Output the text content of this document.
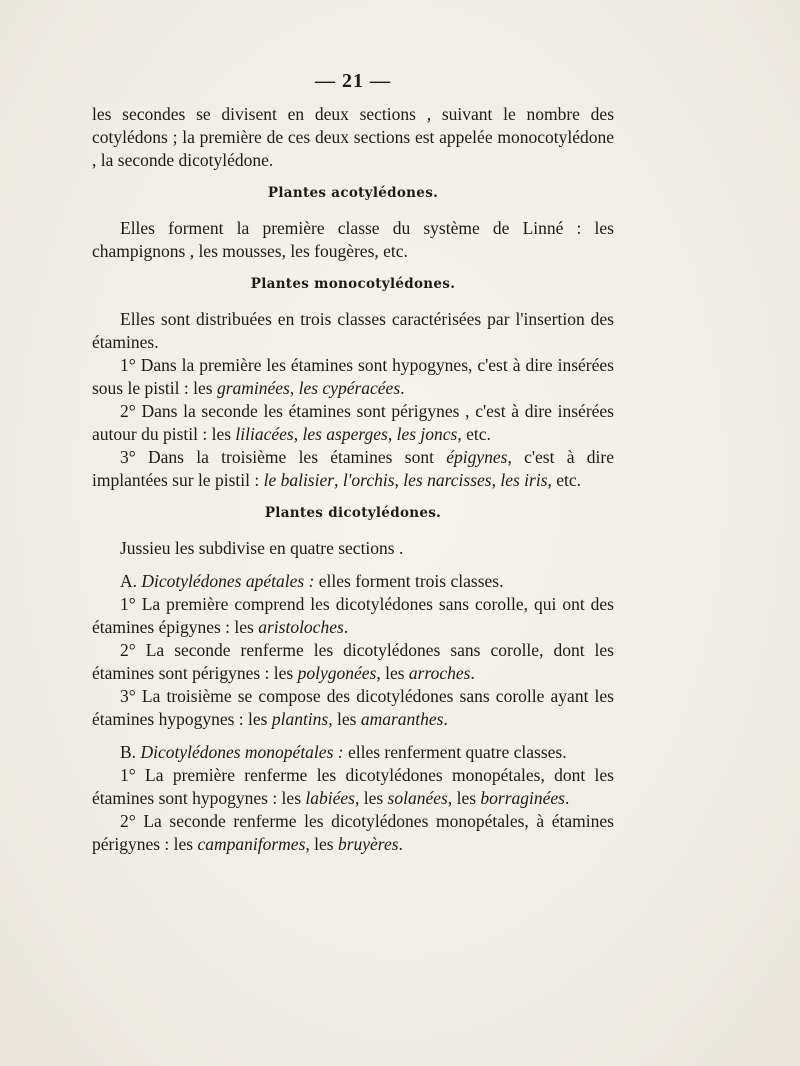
— 21 —

les secondes se divisent en deux sections , suivant le nombre des cotylédons ; la première de ces deux sections est appelée monocotylédone , la seconde dicotylédone.

Plantes acotylédones.

Elles forment la première classe du système de Linné : les champignons , les mousses, les fougères, etc.

Plantes monocotylédones.

Elles sont distribuées en trois classes caractérisées par l'insertion des étamines.

1° Dans la première les étamines sont hypogynes, c'est à dire insérées sous le pistil : les graminées, les cypéracées.

2° Dans la seconde les étamines sont périgynes , c'est à dire insérées autour du pistil : les liliacées, les asperges, les joncs, etc.

3° Dans la troisième les étamines sont épigynes, c'est à dire implantées sur le pistil : le balisier, l'orchis, les narcisses, les iris, etc.

Plantes dicotylédones.

Jussieu les subdivise en quatre sections .

A. Dicotylédones apétales : elles forment trois classes.

1° La première comprend les dicotylédones sans corolle, qui ont des étamines épigynes : les aristoloches.

2° La seconde renferme les dicotylédones sans corolle, dont les étamines sont périgynes : les polygonées, les arroches.

3° La troisième se compose des dicotylédones sans corolle ayant les étamines hypogynes : les plantins, les amaranthes.

B. Dicotylédones monopétales : elles renferment quatre classes.

1° La première renferme les dicotylédones monopétales, dont les étamines sont hypogynes : les labiées, les solanées, les borraginées.

2° La seconde renferme les dicotylédones monopétales, à étamines périgynes : les campaniformes, les bruyères.
